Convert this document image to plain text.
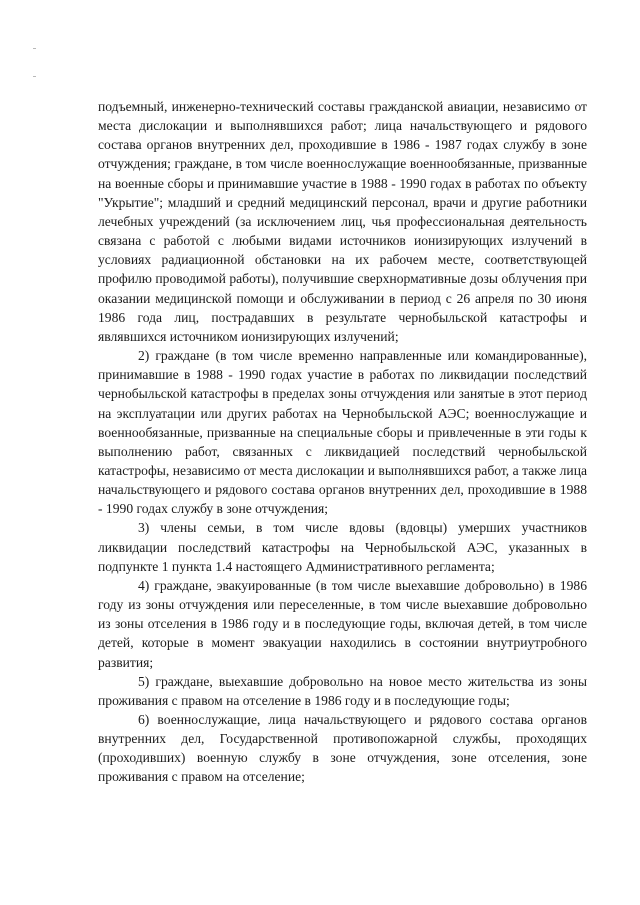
подъемный, инженерно-технический составы гражданской авиации, независимо от места дислокации и выполнявшихся работ; лица начальствующего и рядового состава органов внутренних дел, проходившие в 1986 - 1987 годах службу в зоне отчуждения; граждане, в том числе военнослужащие военнообязанные, призванные на военные сборы и принимавшие участие в 1988 - 1990 годах в работах по объекту "Укрытие"; младший и средний медицинский персонал, врачи и другие работники лечебных учреждений (за исключением лиц, чья профессиональная деятельность связана с работой с любыми видами источников ионизирующих излучений в условиях радиационной обстановки на их рабочем месте, соответствующей профилю проводимой работы), получившие сверхнормативные дозы облучения при оказании медицинской помощи и обслуживании в период с 26 апреля по 30 июня 1986 года лиц, пострадавших в результате чернобыльской катастрофы и являвшихся источником ионизирующих излучений;

2) граждане (в том числе временно направленные или командированные), принимавшие в 1988 - 1990 годах участие в работах по ликвидации последствий чернобыльской катастрофы в пределах зоны отчуждения или занятые в этот период на эксплуатации или других работах на Чернобыльской АЭС; военнослужащие и военнообязанные, призванные на специальные сборы и привлеченные в эти годы к выполнению работ, связанных с ликвидацией последствий чернобыльской катастрофы, независимо от места дислокации и выполнявшихся работ, а также лица начальствующего и рядового состава органов внутренних дел, проходившие в 1988 - 1990 годах службу в зоне отчуждения;

3) члены семьи, в том числе вдовы (вдовцы) умерших участников ликвидации последствий катастрофы на Чернобыльской АЭС, указанных в подпункте 1 пункта 1.4 настоящего Административного регламента;

4) граждане, эвакуированные (в том числе выехавшие добровольно) в 1986 году из зоны отчуждения или переселенные, в том числе выехавшие добровольно из зоны отселения в 1986 году и в последующие годы, включая детей, в том числе детей, которые в момент эвакуации находились в состоянии внутриутробного развития;

5) граждане, выехавшие добровольно на новое место жительства из зоны проживания с правом на отселение в 1986 году и в последующие годы;

6) военнослужащие, лица начальствующего и рядового состава органов внутренних дел, Государственной противопожарной службы, проходящих (проходивших) военную службу в зоне отчуждения, зоне отселения, зоне проживания с правом на отселение;
